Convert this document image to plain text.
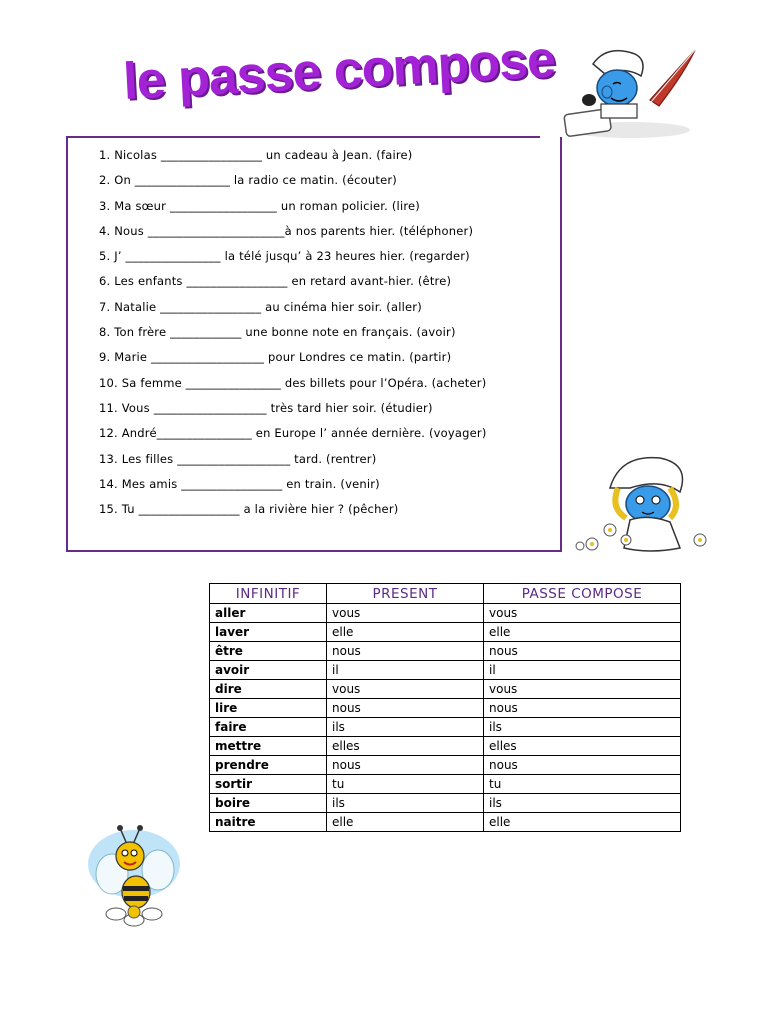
le passe compose
1. Nicolas _________________ un cadeau à Jean. (faire)
2. On ________________ la radio ce matin. (écouter)
3. Ma sœur __________________ un roman policier. (lire)
4. Nous _______________________à nos parents hier. (téléphoner)
5. J’ ________________ la télé jusqu’ à 23 heures hier. (regarder)
6. Les enfants _________________ en retard avant-hier. (être)
7. Natalie _________________ au cinéma hier soir. (aller)
8. Ton frère ____________ une bonne note en français. (avoir)
9. Marie ___________________ pour Londres ce matin. (partir)
10. Sa femme ________________ des billets pour l’Opéra. (acheter)
11. Vous ___________________ très tard hier soir. (étudier)
12. André________________ en Europe l’ année dernière. (voyager)
13. Les filles ___________________ tard. (rentrer)
14. Mes amis _________________ en train. (venir)
15. Tu _________________ a la rivière hier ? (pêcher)
INFINITIF	PRESENT	PASSE COMPOSE
aller	vous	vous
laver	elle	elle
être	nous	nous
avoir	il	il
dire	vous	vous
lire	nous	nous
faire	ils	ils
mettre	elles	elles
prendre	nous	nous
sortir	tu	tu
boire	ils	ils
naitre	elle	elle
